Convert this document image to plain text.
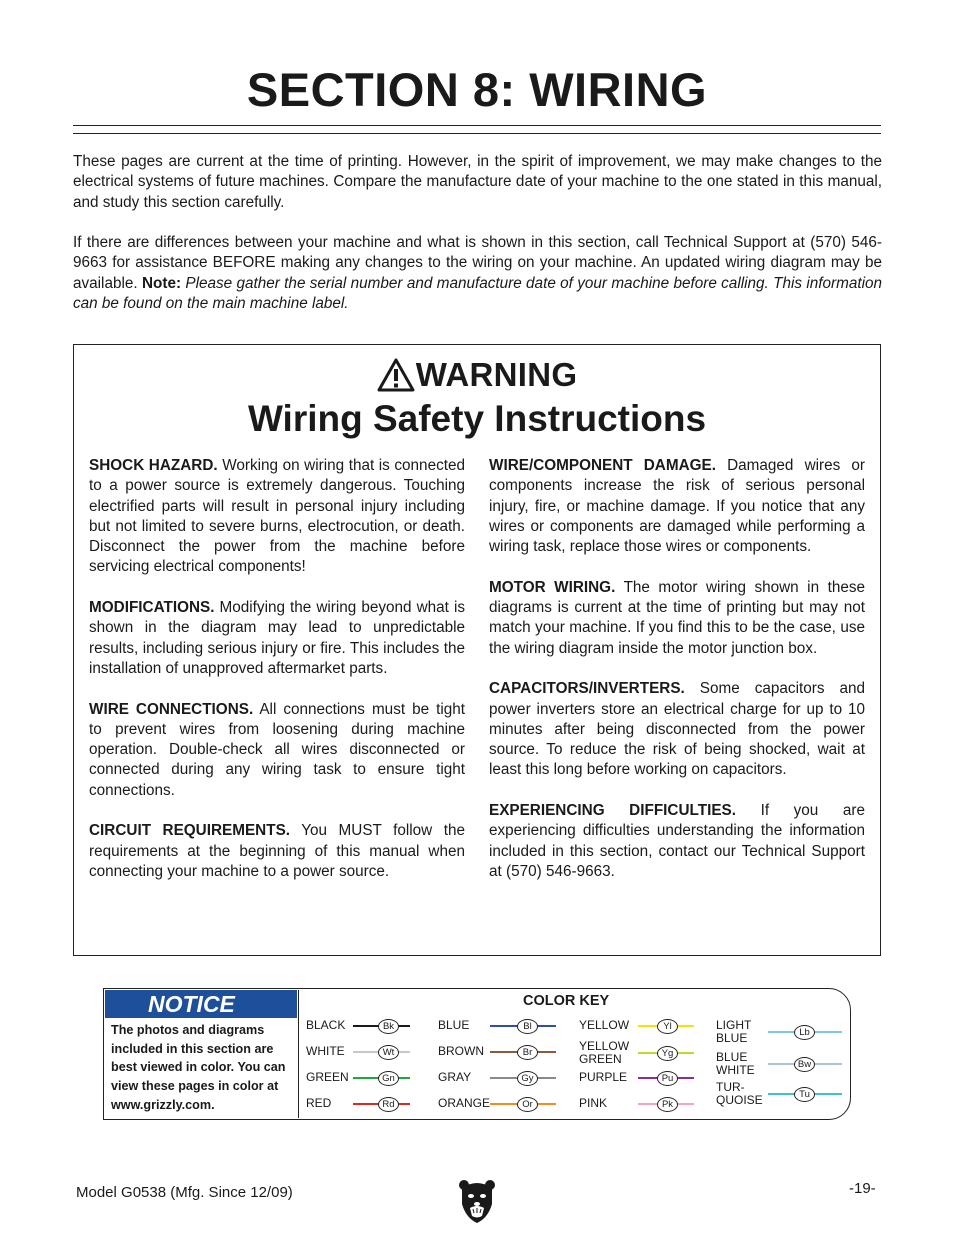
SECTION 8: WIRING

These pages are current at the time of printing. However, in the spirit of improvement, we may make changes to the electrical systems of future machines. Compare the manufacture date of your machine to the one stated in this manual, and study this section carefully.

If there are differences between your machine and what is shown in this section, call Technical Support at (570) 546-9663 for assistance BEFORE making any changes to the wiring on your machine. An updated wiring diagram may be available. Note: Please gather the serial number and manufacture date of your machine before calling. This information can be found on the main machine label.

WARNING
Wiring Safety Instructions

SHOCK HAZARD. Working on wiring that is connected to a power source is extremely dangerous. Touching electrified parts will result in personal injury including but not limited to severe burns, electrocution, or death. Disconnect the power from the machine before servicing electrical components!

MODIFICATIONS. Modifying the wiring beyond what is shown in the diagram may lead to unpredictable results, including serious injury or fire. This includes the installation of unapproved aftermarket parts.

WIRE CONNECTIONS. All connections must be tight to prevent wires from loosening during machine operation. Double-check all wires disconnected or connected during any wiring task to ensure tight connections.

CIRCUIT REQUIREMENTS. You MUST follow the requirements at the beginning of this manual when connecting your machine to a power source.

WIRE/COMPONENT DAMAGE. Damaged wires or components increase the risk of serious personal injury, fire, or machine damage. If you notice that any wires or components are damaged while performing a wiring task, replace those wires or components.

MOTOR WIRING. The motor wiring shown in these diagrams is current at the time of printing but may not match your machine. If you find this to be the case, use the wiring diagram inside the motor junction box.

CAPACITORS/INVERTERS. Some capacitors and power inverters store an electrical charge for up to 10 minutes after being disconnected from the power source. To reduce the risk of being shocked, wait at least this long before working on capacitors.

EXPERIENCING DIFFICULTIES. If you are experiencing difficulties understanding the information included in this section, contact our Technical Support at (570) 546-9663.

NOTICE

The photos and diagrams included in this section are best viewed in color. You can view these pages in color at www.grizzly.com.

COLOR KEY

BLACK	Bk
WHITE	Wt
GREEN	Gn
RED	Rd
BLUE	Bl
BROWN	Br
GRAY	Gy
ORANGE	Or
YELLOW	Yl
YELLOW
GREEN	Yg
PURPLE	Pu
PINK	Pk
LIGHT
BLUE	Lb
BLUE
WHITE	Bw
TUR-
QUOISE	Tu

Model G0538 (Mfg. Since 12/09)	-19-
